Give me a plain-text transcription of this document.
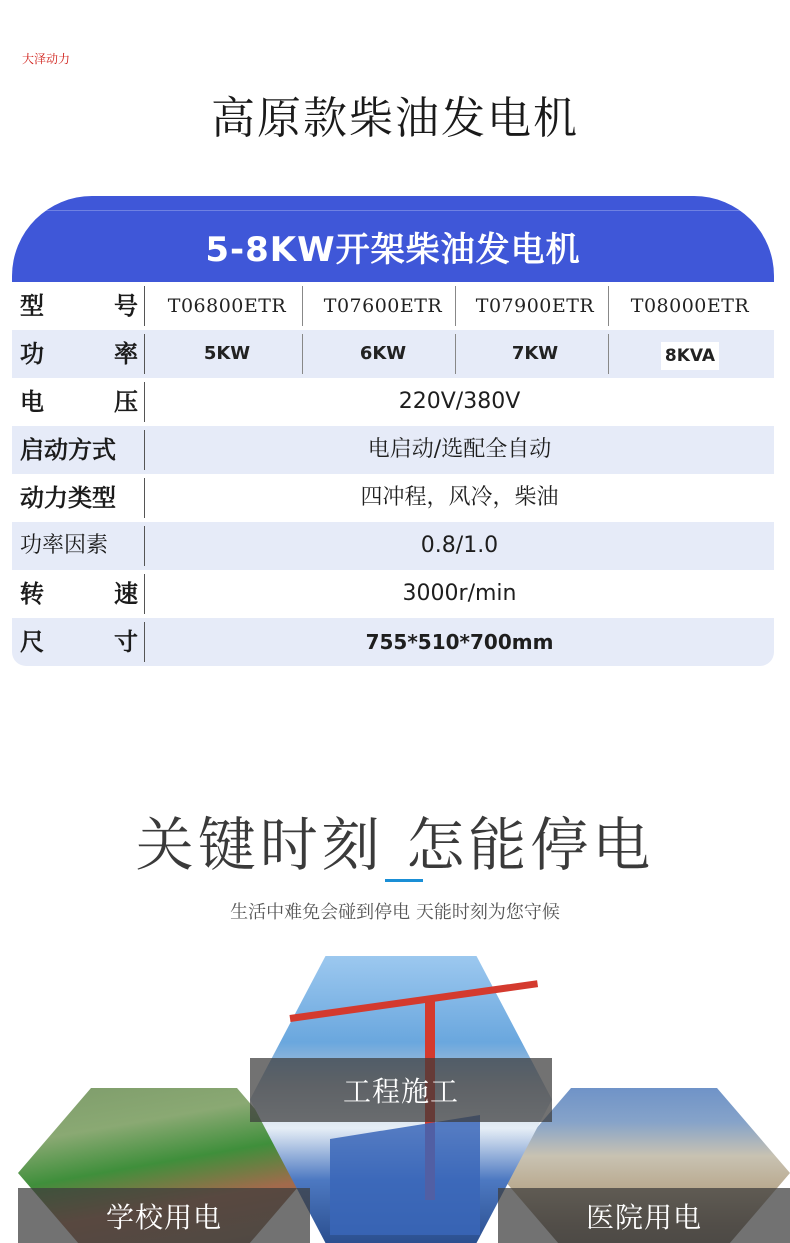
大泽动力
高原款柴油发电机
5-8KW开架柴油发电机
型	号	T06800ETR	T07600ETR	T07900ETR	T08000ETR
功	率	5KW	6KW	7KW	8KVA
电	压	220V/380V
启动方式	电启动/选配全自动
动力类型	四冲程，风冷，柴油
功率因素	0.8/1.0
转	速	3000r/min
尺	寸	755*510*700mm
关键时刻 怎能停电

生活中难免会碰到停电 天能时刻为您守候

工程施工
学校用电	医院用电
